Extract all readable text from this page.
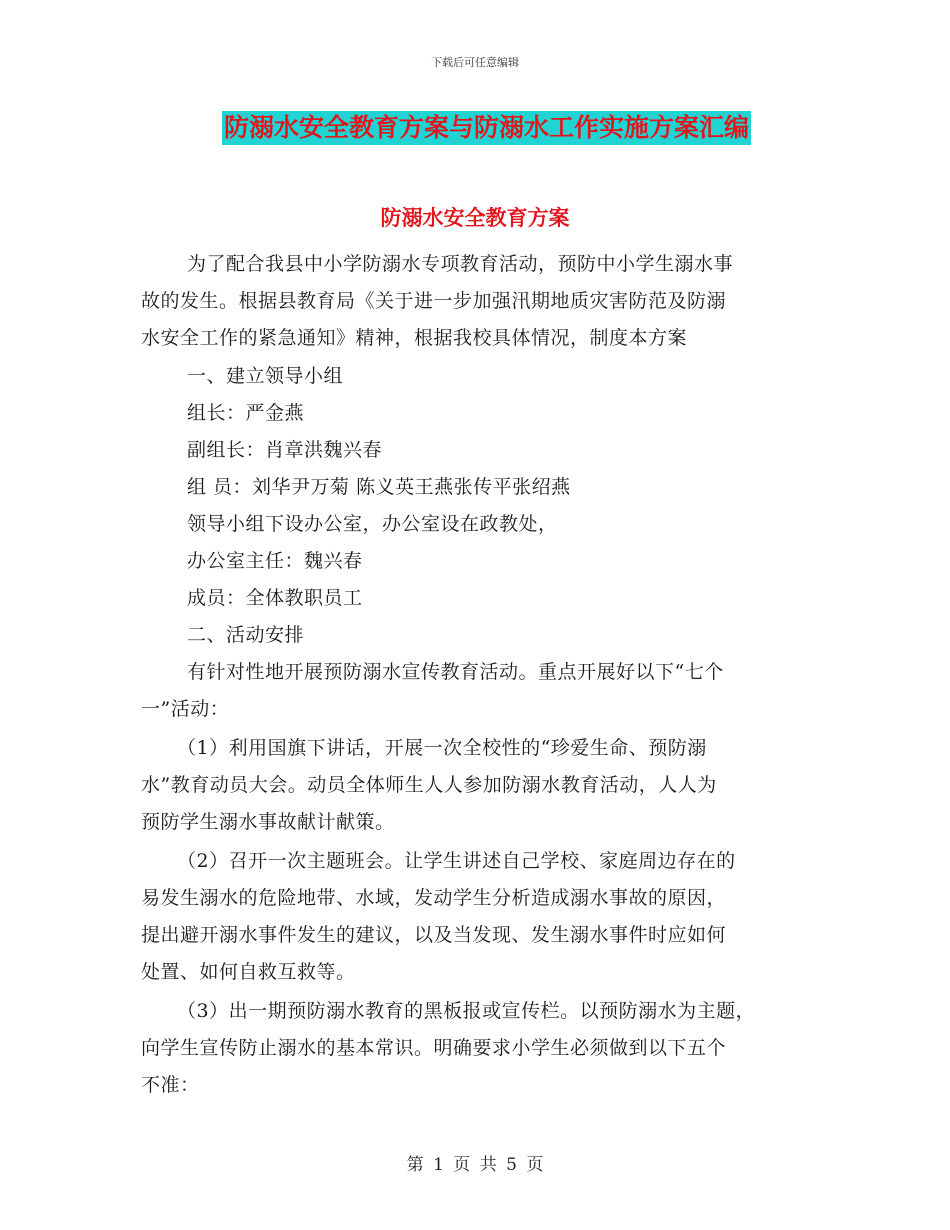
下载后可任意编辑
防溺水安全教育方案与防溺水工作实施方案汇编
防溺水安全教育方案
为了配合我县中小学防溺水专项教育活动，预防中小学生溺水事
故的发生。根据县教育局《关于进一步加强汛期地质灾害防范及防溺
水安全工作的紧急通知》精神，根据我校具体情况，制度本方案
一、建立领导小组
组长：严金燕
副组长：肖章洪魏兴春
组 员：刘华尹万菊 陈义英王燕张传平张绍燕
领导小组下设办公室，办公室设在政教处，
办公室主任：魏兴春
成员：全体教职员工
二、活动安排
有针对性地开展预防溺水宣传教育活动。重点开展好以下“七个
一”活动：
（1）利用国旗下讲话，开展一次全校性的“珍爱生命、预防溺
水”教育动员大会。动员全体师生人人参加防溺水教育活动，人人为
预防学生溺水事故献计献策。
（2）召开一次主题班会。让学生讲述自己学校、家庭周边存在的
易发生溺水的危险地带、水域，发动学生分析造成溺水事故的原因，
提出避开溺水事件发生的建议，以及当发现、发生溺水事件时应如何
处置、如何自救互救等。
（3）出一期预防溺水教育的黑板报或宣传栏。以预防溺水为主题，
向学生宣传防止溺水的基本常识。明确要求小学生必须做到以下五个
不准：
第 1 页 共 5 页
